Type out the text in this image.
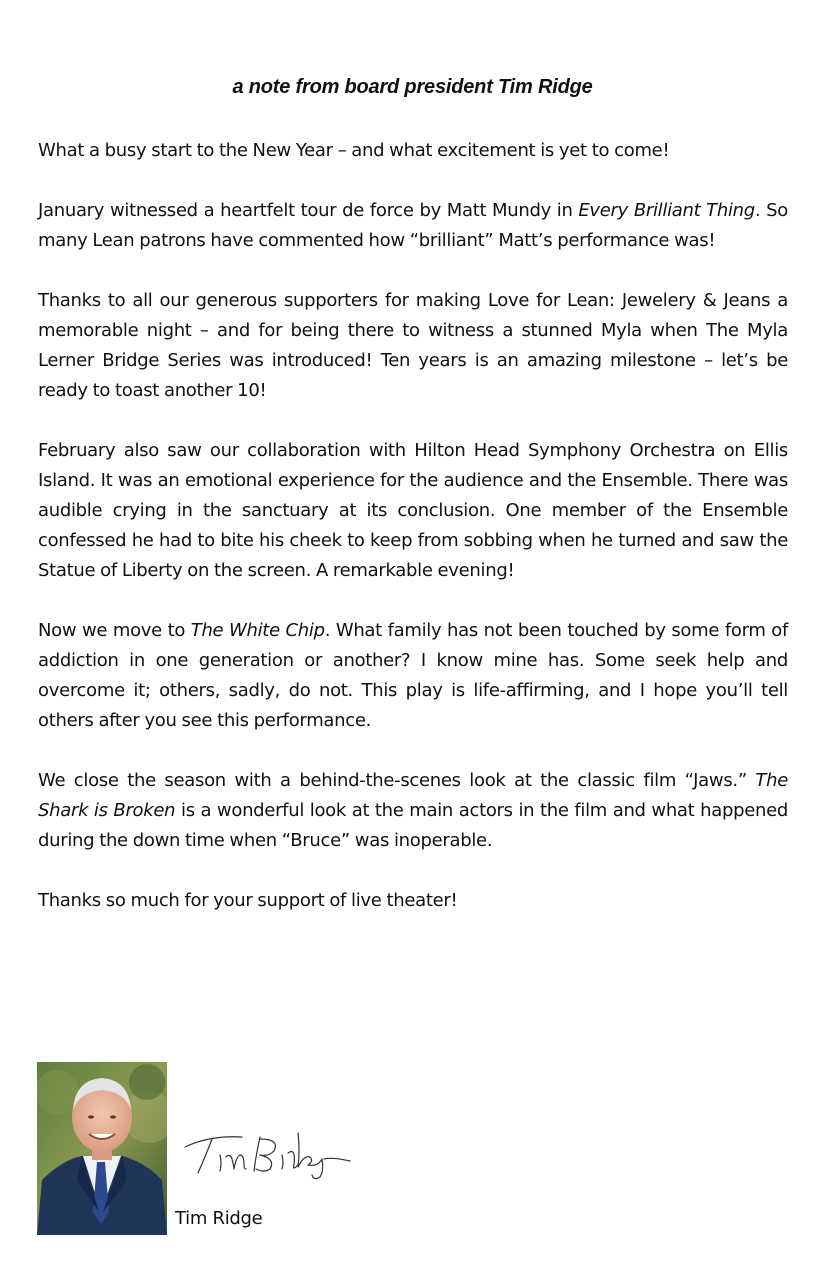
a note from board president Tim Ridge

What a busy start to the New Year – and what excitement is yet to come!

January witnessed a heartfelt tour de force by Matt Mundy in Every Brilliant Thing. So many Lean patrons have commented how “brilliant” Matt’s performance was!

Thanks to all our generous supporters for making Love for Lean: Jewelery & Jeans a memorable night – and for being there to witness a stunned Myla when The Myla Lerner Bridge Series was introduced! Ten years is an amazing milestone – let’s be ready to toast another 10!

February also saw our collaboration with Hilton Head Symphony Orchestra on Ellis Island. It was an emotional experience for the audience and the Ensemble. There was audible crying in the sanctuary at its conclusion. One member of the Ensemble confessed he had to bite his cheek to keep from sobbing when he turned and saw the Statue of Liberty on the screen. A remarkable evening!

Now we move to The White Chip. What family has not been touched by some form of addiction in one generation or another? I know mine has. Some seek help and overcome it; others, sadly, do not. This play is life-affirming, and I hope you’ll tell others after you see this performance.

We close the season with a behind-the-scenes look at the classic film “Jaws.” The Shark is Broken is a wonderful look at the main actors in the film and what happened during the down time when “Bruce” was inoperable.

Thanks so much for your support of live theater!

Tim Ridge
